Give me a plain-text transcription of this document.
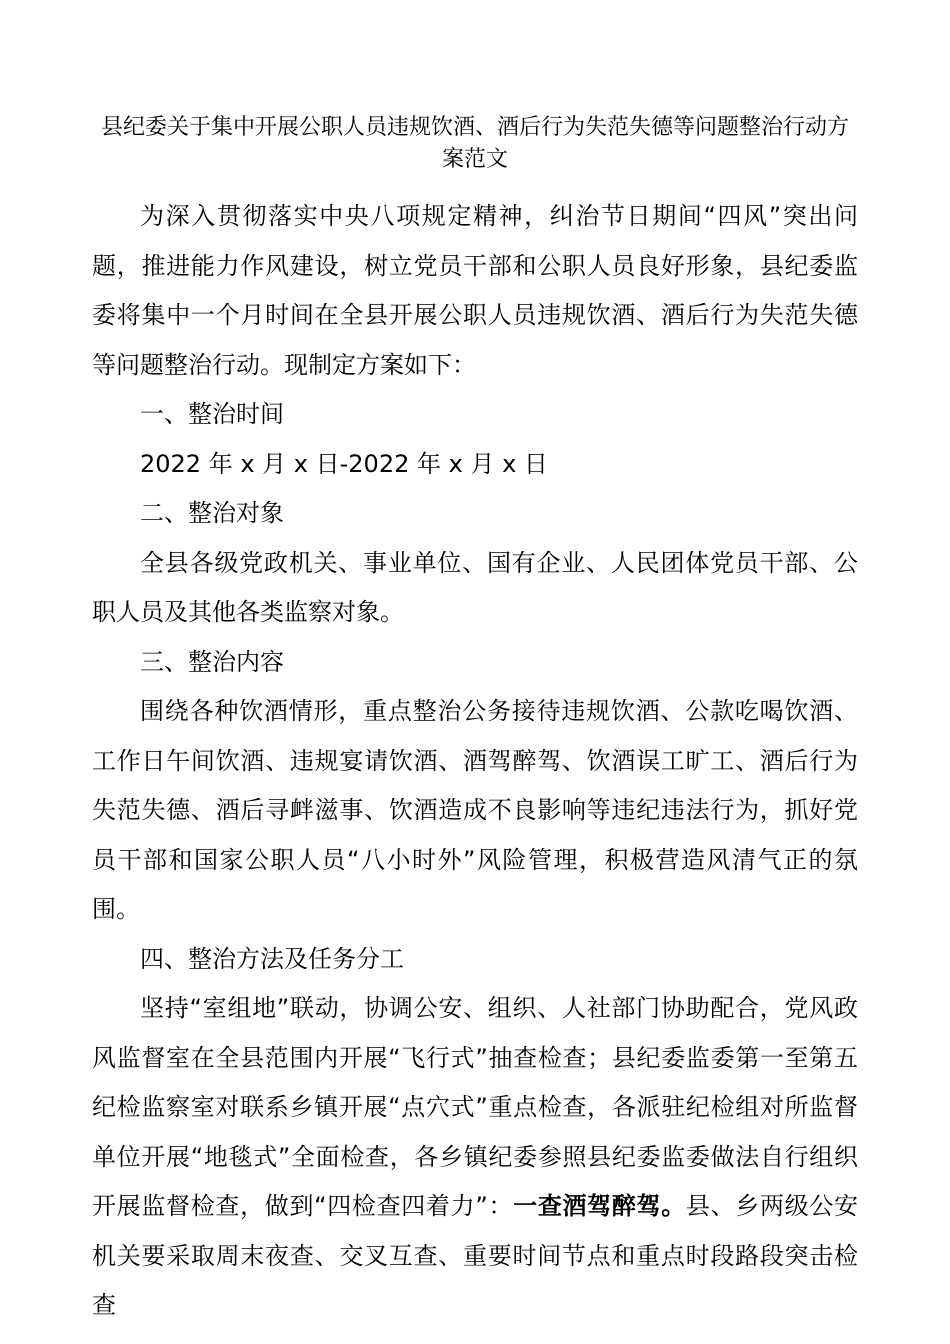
县纪委关于集中开展公职人员违规饮酒、酒后行为失范失德等问题整治行动方案范文

为深入贯彻落实中央八项规定精神，纠治节日期间“四风”突出问题，推进能力作风建设，树立党员干部和公职人员良好形象，县纪委监委将集中一个月时间在全县开展公职人员违规饮酒、酒后行为失范失德等问题整治行动。现制定方案如下：

一、整治时间

2022 年 x 月 x 日-2022 年 x 月 x 日

二、整治对象

全县各级党政机关、事业单位、国有企业、人民团体党员干部、公职人员及其他各类监察对象。

三、整治内容

围绕各种饮酒情形，重点整治公务接待违规饮酒、公款吃喝饮酒、工作日午间饮酒、违规宴请饮酒、酒驾醉驾、饮酒误工旷工、酒后行为失范失德、酒后寻衅滋事、饮酒造成不良影响等违纪违法行为，抓好党员干部和国家公职人员“八小时外”风险管理，积极营造风清气正的氛围。

四、整治方法及任务分工

坚持“室组地”联动，协调公安、组织、人社部门协助配合，党风政风监督室在全县范围内开展“飞行式”抽查检查；县纪委监委第一至第五纪检监察室对联系乡镇开展“点穴式”重点检查，各派驻纪检组对所监督单位开展“地毯式”全面检查，各乡镇纪委参照县纪委监委做法自行组织开展监督检查，做到“四检查四着力”：一查酒驾醉驾。县、乡两级公安机关要采取周末夜查、交叉互查、重要时间节点和重点时段路段突击检查
